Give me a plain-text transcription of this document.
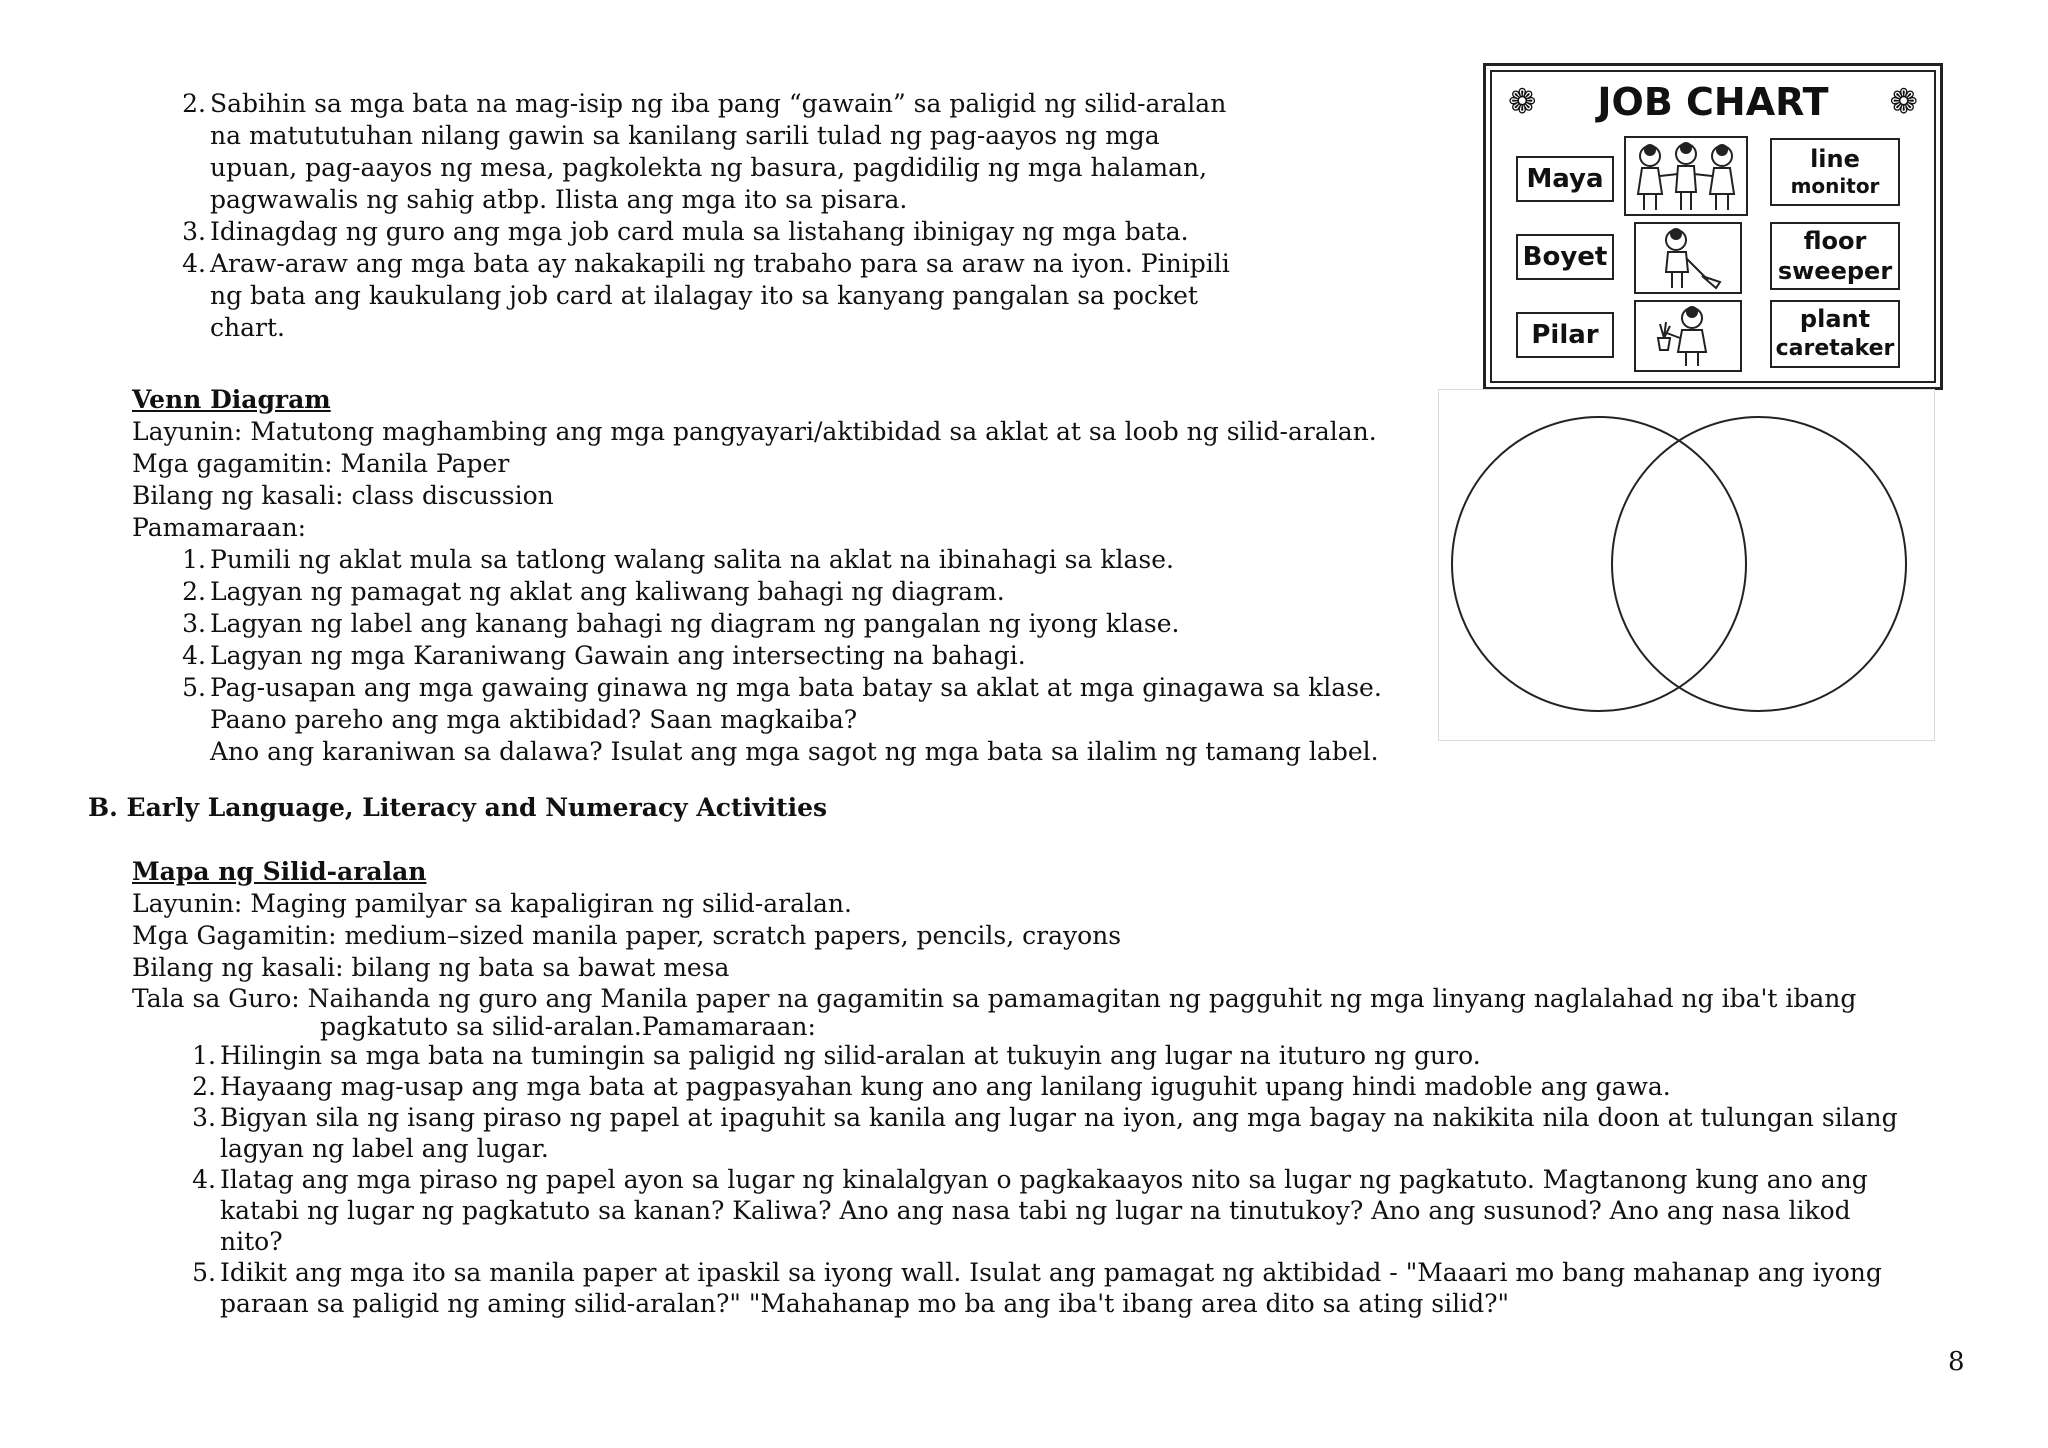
2. Sabihin sa mga bata na mag-isip ng iba pang “gawain” sa paligid ng silid-aralan
na matututuhan nilang gawin sa kanilang sarili tulad ng pag-aayos ng mga
upuan, pag-aayos ng mesa, pagkolekta ng basura, pagdidilig ng mga halaman,
pagwawalis ng sahig atbp. Ilista ang mga ito sa pisara.
3. Idinagdag ng guro ang mga job card mula sa listahang ibinigay ng mga bata.
4. Araw-araw ang mga bata ay nakakapili ng trabaho para sa araw na iyon. Pinipili
ng bata ang kaukulang job card at ilalagay ito sa kanyang pangalan sa pocket
chart.
Venn Diagram
Layunin: Matutong maghambing ang mga pangyayari/aktibidad sa aklat at sa loob ng silid-aralan.
Mga gagamitin: Manila Paper
Bilang ng kasali: class discussion
Pamamaraan:
1. Pumili ng aklat mula sa tatlong walang salita na aklat na ibinahagi sa klase.
2. Lagyan ng pamagat ng aklat ang kaliwang bahagi ng diagram.
3. Lagyan ng label ang kanang bahagi ng diagram ng pangalan ng iyong klase.
4. Lagyan ng mga Karaniwang Gawain ang intersecting na bahagi.
5. Pag-usapan ang mga gawaing ginawa ng mga bata batay sa aklat at mga ginagawa sa klase.
Paano pareho ang mga aktibidad? Saan magkaiba?
Ano ang karaniwan sa dalawa? Isulat ang mga sagot ng mga bata sa ilalim ng tamang label.
B. Early Language, Literacy and Numeracy Activities
Mapa ng Silid-aralan
Layunin: Maging pamilyar sa kapaligiran ng silid-aralan.
Mga Gagamitin: medium–sized manila paper, scratch papers, pencils, crayons
Bilang ng kasali: bilang ng bata sa bawat mesa
Tala sa Guro: Naihanda ng guro ang Manila paper na gagamitin sa pamamagitan ng pagguhit ng mga linyang naglalahad ng iba't ibang
pagkatuto sa silid-aralan.Pamamaraan:
1. Hilingin sa mga bata na tumingin sa paligid ng silid-aralan at tukuyin ang lugar na ituturo ng guro.
2. Hayaang mag-usap ang mga bata at pagpasyahan kung ano ang lanilang iguguhit upang hindi madoble ang gawa.
3. Bigyan sila ng isang piraso ng papel at ipaguhit sa kanila ang lugar na iyon, ang mga bagay na nakikita nila doon at tulungan silang
lagyan ng label ang lugar.
4. Ilatag ang mga piraso ng papel ayon sa lugar ng kinalalgyan o pagkakaayos nito sa lugar ng pagkatuto. Magtanong kung ano ang
katabi ng lugar ng pagkatuto sa kanan? Kaliwa? Ano ang nasa tabi ng lugar na tinutukoy? Ano ang susunod? Ano ang nasa likod
nito?
5. Idikit ang mga ito sa manila paper at ipaskil sa iyong wall. Isulat ang pamagat ng aktibidad - "Maaari mo bang mahanap ang iyong
paraan sa paligid ng aming silid-aralan?" "Mahahanap mo ba ang iba't ibang area dito sa ating silid?"
❁	JOB CHART	❁
Maya
line
monitor
Boyet
floor
sweeper
Pilar
plant
caretaker
8
